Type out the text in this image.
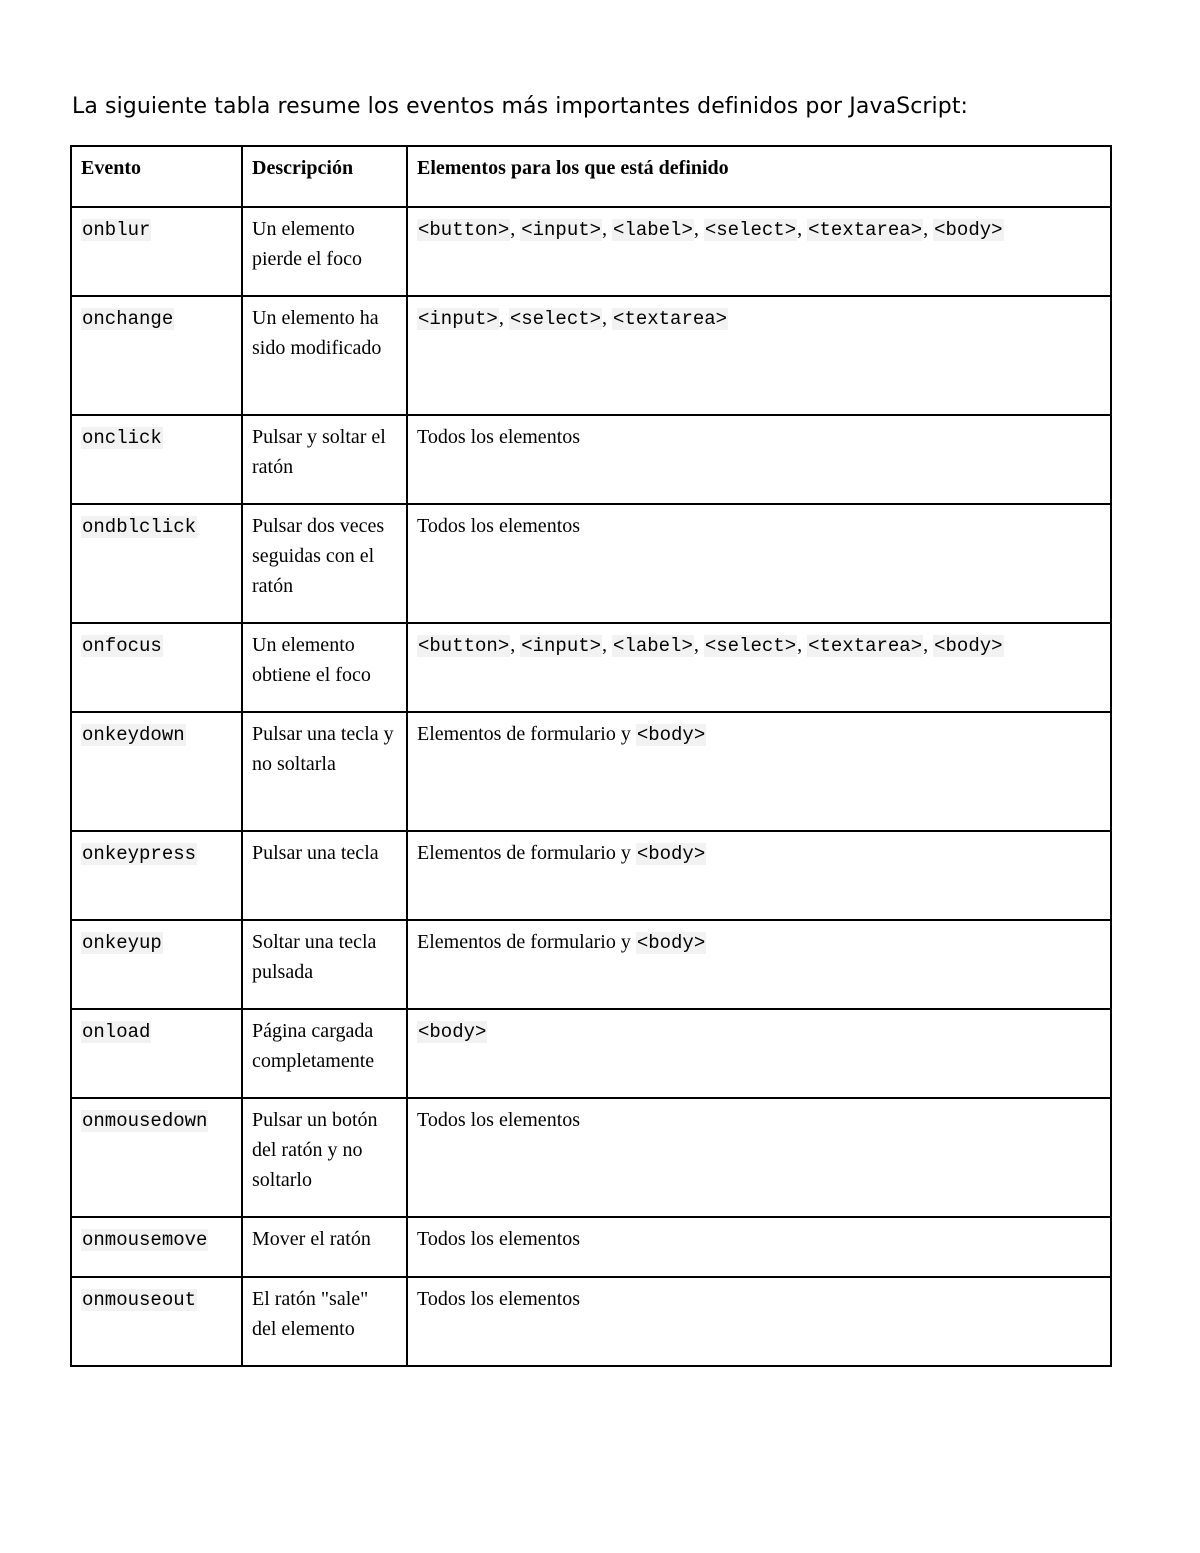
La siguiente tabla resume los eventos más importantes definidos por JavaScript:

Evento	Descripción	Elementos para los que está definido
onblur	Un elemento pierde el foco	<button>, <input>, <label>, <select>, <textarea>, <body>
onchange	Un elemento ha sido modificado	<input>, <select>, <textarea>
onclick	Pulsar y soltar el ratón	Todos los elementos
ondblclick	Pulsar dos veces seguidas con el ratón	Todos los elementos
onfocus	Un elemento obtiene el foco	<button>, <input>, <label>, <select>, <textarea>, <body>
onkeydown	Pulsar una tecla y no soltarla	Elementos de formulario y <body>
onkeypress	Pulsar una tecla	Elementos de formulario y <body>
onkeyup	Soltar una tecla pulsada	Elementos de formulario y <body>
onload	Página cargada completamente	<body>
onmousedown	Pulsar un botón del ratón y no soltarlo	Todos los elementos
onmousemove	Mover el ratón	Todos los elementos
onmouseout	El ratón "sale" del elemento	Todos los elementos
